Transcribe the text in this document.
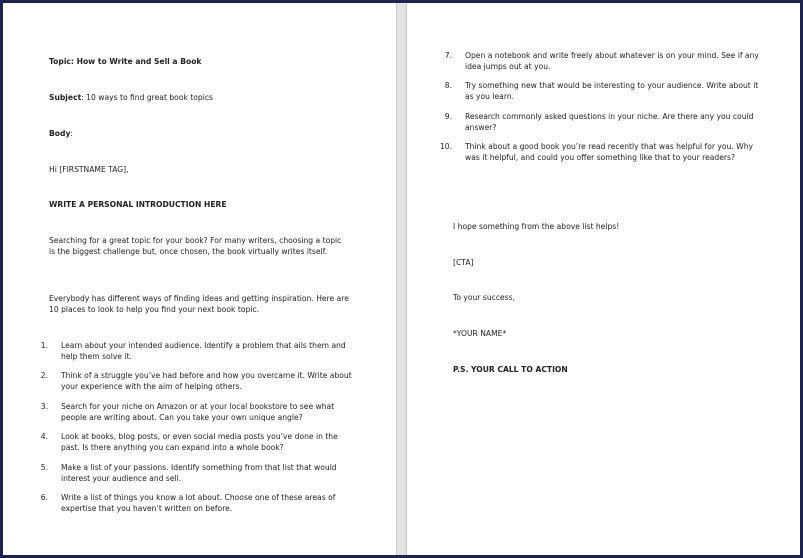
Topic: How to Write and Sell a Book

Subject: 10 ways to find great book topics

Body:

Hi [FIRSTNAME TAG],

WRITE A PERSONAL INTRODUCTION HERE

Searching for a great topic for your book? For many writers, choosing a topic is the biggest challenge but, once chosen, the book virtually writes itself.

Everybody has different ways of finding ideas and getting inspiration. Here are 10 places to look to help you find your next book topic.

1. Learn about your intended audience. Identify a problem that ails them and help them solve it.
2. Think of a struggle you’ve had before and how you overcame it. Write about your experience with the aim of helping others.
3. Search for your niche on Amazon or at your local bookstore to see what people are writing about. Can you take your own unique angle?
4. Look at books, blog posts, or even social media posts you’ve done in the past. Is there anything you can expand into a whole book?
5. Make a list of your passions. Identify something from that list that would interest your audience and sell.
6. Write a list of things you know a lot about. Choose one of these areas of expertise that you haven’t written on before.
7. Open a notebook and write freely about whatever is on your mind. See if any idea jumps out at you.
8. Try something new that would be interesting to your audience. Write about it as you learn.
9. Research commonly asked questions in your niche. Are there any you could answer?
10. Think about a good book you’re read recently that was helpful for you. Why was it helpful, and could you offer something like that to your readers?

I hope something from the above list helps!

[CTA]

To your success,

*YOUR NAME*

P.S. YOUR CALL TO ACTION
